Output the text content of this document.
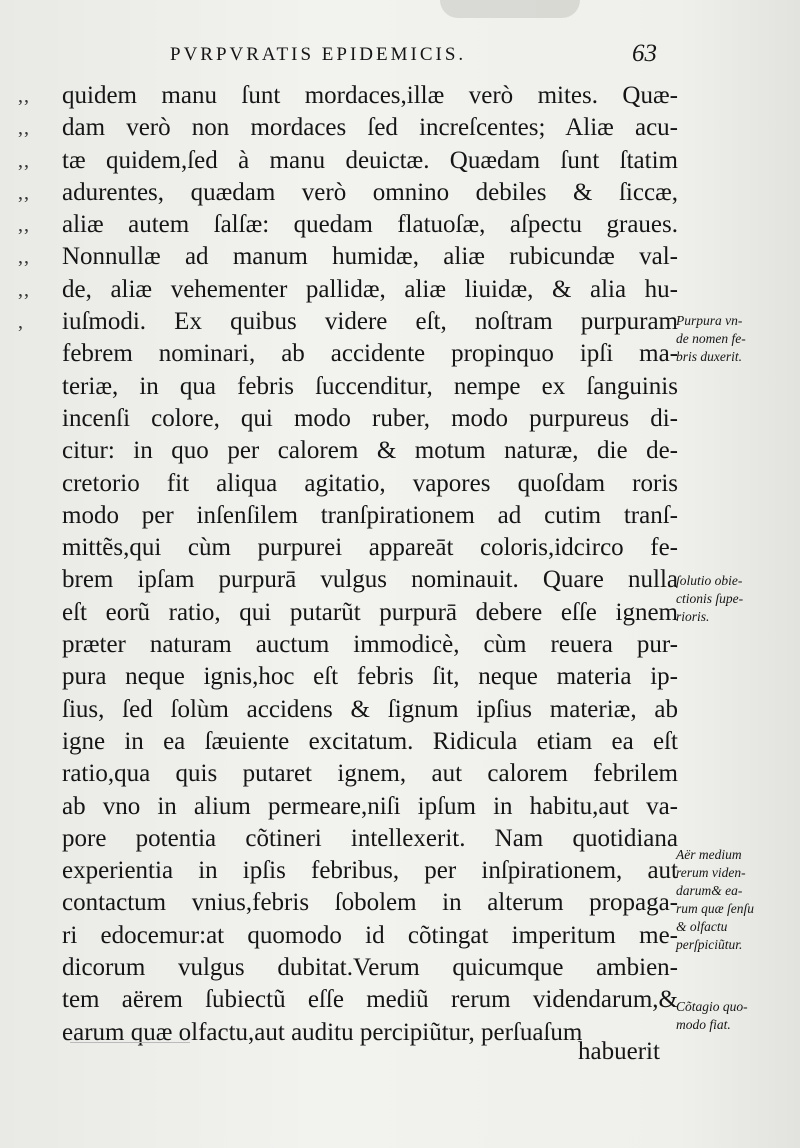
PVRPVRATIS EPIDEMICIS.	63
,,	quidem manu ſunt mordaces,illæ verò mites. Quæ-
,,	dam verò non mordaces ſed increſcentes; Aliæ acu-
,,	tæ quidem,ſed à manu deuictæ. Quædam ſunt ſtatim
,,	adurentes, quædam verò omnino debiles & ſiccæ,
,,	aliæ autem ſalſæ: quedam flatuoſæ, aſpectu graues.
,,	Nonnullæ ad manum humidæ, aliæ rubicundæ val-
,,	de, aliæ vehementer pallidæ, aliæ liuidæ, & alia hu-
,	iuſmodi. Ex quibus videre eſt, noſtram purpuram
febrem nominari, ab accidente propinquo ipſi ma-
teriæ, in qua febris ſuccenditur, nempe ex ſanguinis
incenſi colore, qui modo ruber, modo purpureus di-
citur: in quo per calorem & motum naturæ, die de-
cretorio fit aliqua agitatio, vapores quoſdam roris
modo per inſenſilem tranſpirationem ad cutim tranſ-
mittẽs,qui cùm purpurei appareāt coloris,idcirco fe-
brem ipſam purpurā vulgus nominauit. Quare nulla
eſt eorũ ratio, qui putarũt purpurā debere eſſe ignem
præter naturam auctum immodicè, cùm reuera pur-
pura neque ignis,hoc eſt febris ſit, neque materia ip-
ſius, ſed ſolùm accidens & ſignum ipſius materiæ, ab
igne in ea ſæuiente excitatum. Ridicula etiam ea eſt
ratio,qua quis putaret ignem, aut calorem febrilem
ab vno in alium permeare,niſi ipſum in habitu,aut va-
pore potentia cõtineri intellexerit. Nam quotidiana
experientia in ipſis febribus, per inſpirationem, aut
contactum vnius,febris ſobolem in alterum propaga-
ri edocemur:at quomodo id cõtingat imperitum me-
dicorum vulgus dubitat.Verum quicumque ambien-
tem aërem ſubiectũ eſſe mediũ rerum videndarum,&
earum quæ olfactu,aut auditu percipiũtur, perſuaſum
Purpura vn-
de nomen fe-
bris duxerit.
ſolutio obie-
ctionis ſupe-
rioris.
Aër medium
rerum viden-
darum& ea-
rum quæ ſenſu
& olfactu
perſpiciũtur.
Cõtagio quo-
modo fiat.
habuerit
